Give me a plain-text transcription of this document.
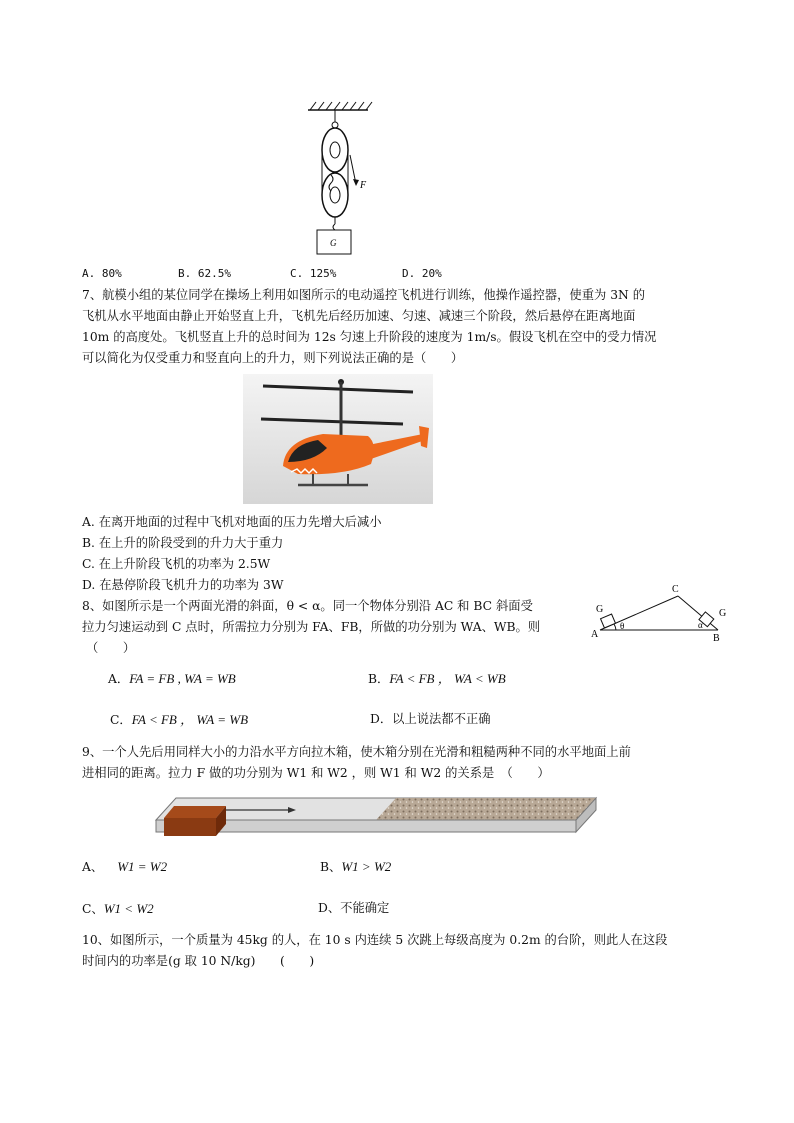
F
G
A. 80%	B. 62.5%	C. 125%	D. 20%
7、航模小组的某位同学在操场上利用如图所示的电动遥控飞机进行训练，他操作遥控器，使重为 3N 的
飞机从水平地面由静止开始竖直上升，飞机先后经历加速、匀速、减速三个阶段，然后悬停在距离地面
10m 的高度处。飞机竖直上升的总时间为 12s 匀速上升阶段的速度为 1m/s。假设飞机在空中的受力情况
可以简化为仅受重力和竖直向上的升力，则下列说法正确的是（　　）
A. 在离开地面的过程中飞机对地面的压力先增大后减小
B. 在上升的阶段受到的升力大于重力
C. 在上升阶段飞机的功率为 2.5W
D. 在悬停阶段飞机升力的功率为 3W
8、如图所示是一个两面光滑的斜面，θ < α。同一个物体分别沿 AC 和 BC 斜面受
拉力匀速运动到 C 点时，所需拉力分别为 FA、FB，所做的功分别为 WA、WB。则
（　　）
A	B
C
G	G
θ	α
A．FA = FB , WA = WB	B．FA < FB ， WA < WB
C．FA < FB ， WA = WB	D．以上说法都不正确
9、一个人先后用同样大小的力沿水平方向拉木箱，使木箱分别在光滑和粗糙两种不同的水平地面上前
进相同的距离。拉力 F 做的功分别为 W1 和 W2 ，则 W1 和 W2 的关系是　（　　）
A、 W1 = W2	B、W1 > W2
C、W1 < W2	D、不能确定
10、如图所示，一个质量为 45kg 的人，在 10 s 内连续 5 次跳上每级高度为 0.2m 的台阶，则此人在这段
时间内的功率是(g 取 10 N/kg)　　(　　)
